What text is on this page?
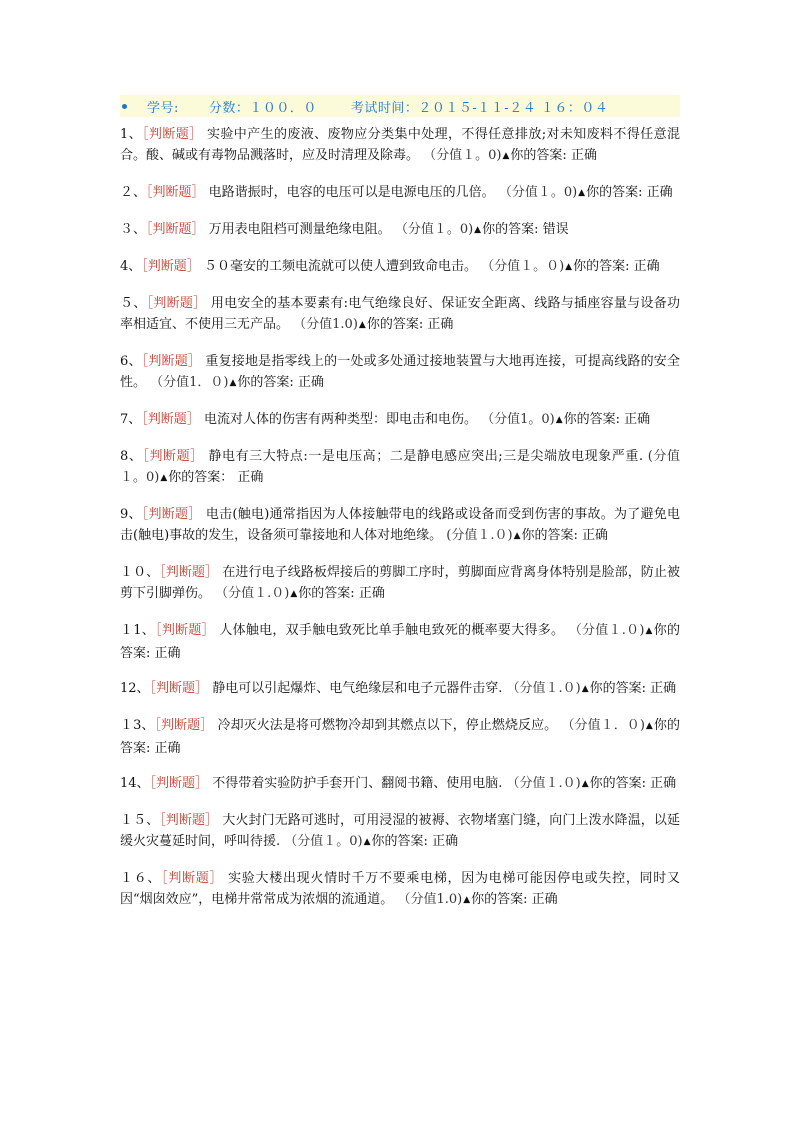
学号: 分数：１００．０	考试时间：２０１５-１１-２４ １６：０４
1、［判断题］ 实验中产生的废液、废物应分类集中处理，不得任意排放;对未知废料不得任意混合。酸、碱或有毒物品溅落时，应及时清理及除毒。 （分值１。0)▲你的答案: 正确
２、［判断题］ 电路谐振时，电容的电压可以是电源电压的几倍。 （分值１。0)▲你的答案: 正确
３、［判断题］ 万用表电阻档可测量绝缘电阻。 （分值１。0)▲你的答案: 错误
4、［判断题］ ５０毫安的工频电流就可以使人遭到致命电击。 （分值１。０)▲你的答案: 正确
５、［判断题］ 用电安全的基本要素有:电气绝缘良好、保证安全距离、线路与插座容量与设备功率相适宜、不使用三无产品。 （分值1.0)▲你的答案: 正确
6、［判断题］ 重复接地是指零线上的一处或多处通过接地装置与大地再连接，可提高线路的安全性。 （分值1．０)▲你的答案: 正确
7、［判断题］ 电流对人体的伤害有两种类型：即电击和电伤。 （分值1。0)▲你的答案: 正确
8、［判断题］ 静电有三大特点:一是电压高；二是静电感应突出;三是尖端放电现象严重. (分值１。0)▲你的答案： 正确
9、［判断题］ 电击(触电)通常指因为人体接触带电的线路或设备而受到伤害的事故。为了避免电击(触电)事故的发生，设备须可靠接地和人体对地绝缘。 (分值１.０)▲你的答案: 正确
１０、［判断题］ 在进行电子线路板焊接后的剪脚工序时，剪脚面应背离身体特别是脸部，防止被剪下引脚弹伤。 （分值１.０)▲你的答案: 正确
１1、［判断题］ 人体触电，双手触电致死比单手触电致死的概率要大得多。 （分值１.０)▲你的答案: 正确
12、［判断题］ 静电可以引起爆炸、电气绝缘层和电子元器件击穿. （分值１.０)▲你的答案: 正确
１3、［判断题］ 冷却灭火法是将可燃物冷却到其燃点以下，停止燃烧反应。 （分值１．０)▲你的答案: 正确
14、［判断题］ 不得带着实验防护手套开门、翻阅书籍、使用电脑. （分值１.０)▲你的答案: 正确
１５、［判断题］ 大火封门无路可逃时，可用浸湿的被褥、衣物堵塞门缝，向门上泼水降温，以延缓火灾蔓延时间，呼叫待援. （分值１。0)▲你的答案: 正确
１６、［判断题］ 实验大楼出现火情时千万不要乘电梯，因为电梯可能因停电或失控，同时又因“烟囱效应”，电梯井常常成为浓烟的流通道。 （分值1.0)▲你的答案: 正确
